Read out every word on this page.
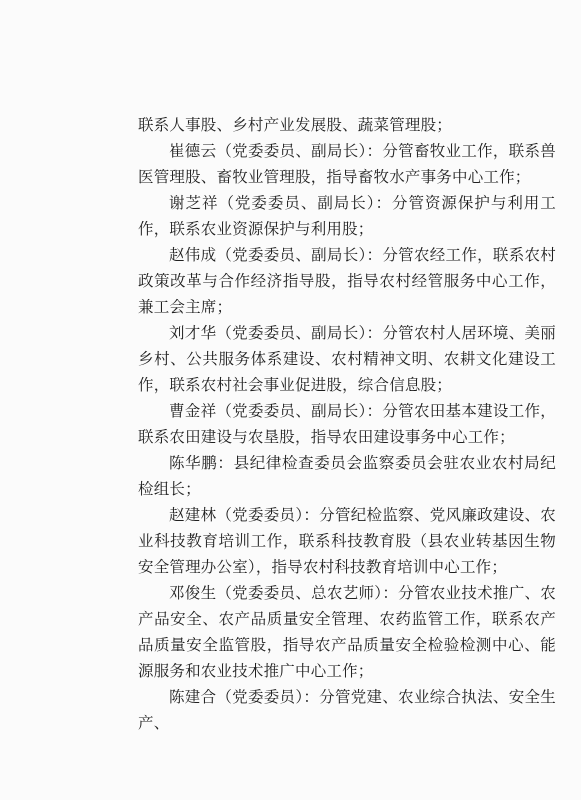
联系人事股、乡村产业发展股、蔬菜管理股；

崔德云（党委委员、副局长）：分管畜牧业工作，联系兽医管理股、畜牧业管理股，指导畜牧水产事务中心工作；

谢芝祥（党委委员、副局长）：分管资源保护与利用工作，联系农业资源保护与利用股；

赵伟成（党委委员、副局长）：分管农经工作，联系农村政策改革与合作经济指导股，指导农村经管服务中心工作，兼工会主席；

刘才华（党委委员、副局长）：分管农村人居环境、美丽乡村、公共服务体系建设、农村精神文明、农耕文化建设工作，联系农村社会事业促进股，综合信息股；

曹金祥（党委委员、副局长）：分管农田基本建设工作，联系农田建设与农垦股，指导农田建设事务中心工作；

陈华鹏：县纪律检查委员会监察委员会驻农业农村局纪检组长；

赵建林（党委委员）：分管纪检监察、党风廉政建设、农业科技教育培训工作，联系科技教育股（县农业转基因生物安全管理办公室），指导农村科技教育培训中心工作；

邓俊生（党委委员、总农艺师）：分管农业技术推广、农产品安全、农产品质量安全管理、农药监管工作，联系农产品质量安全监管股，指导农产品质量安全检验检测中心、能源服务和农业技术推广中心工作；

陈建合（党委委员）：分管党建、农业综合执法、安全生产、
